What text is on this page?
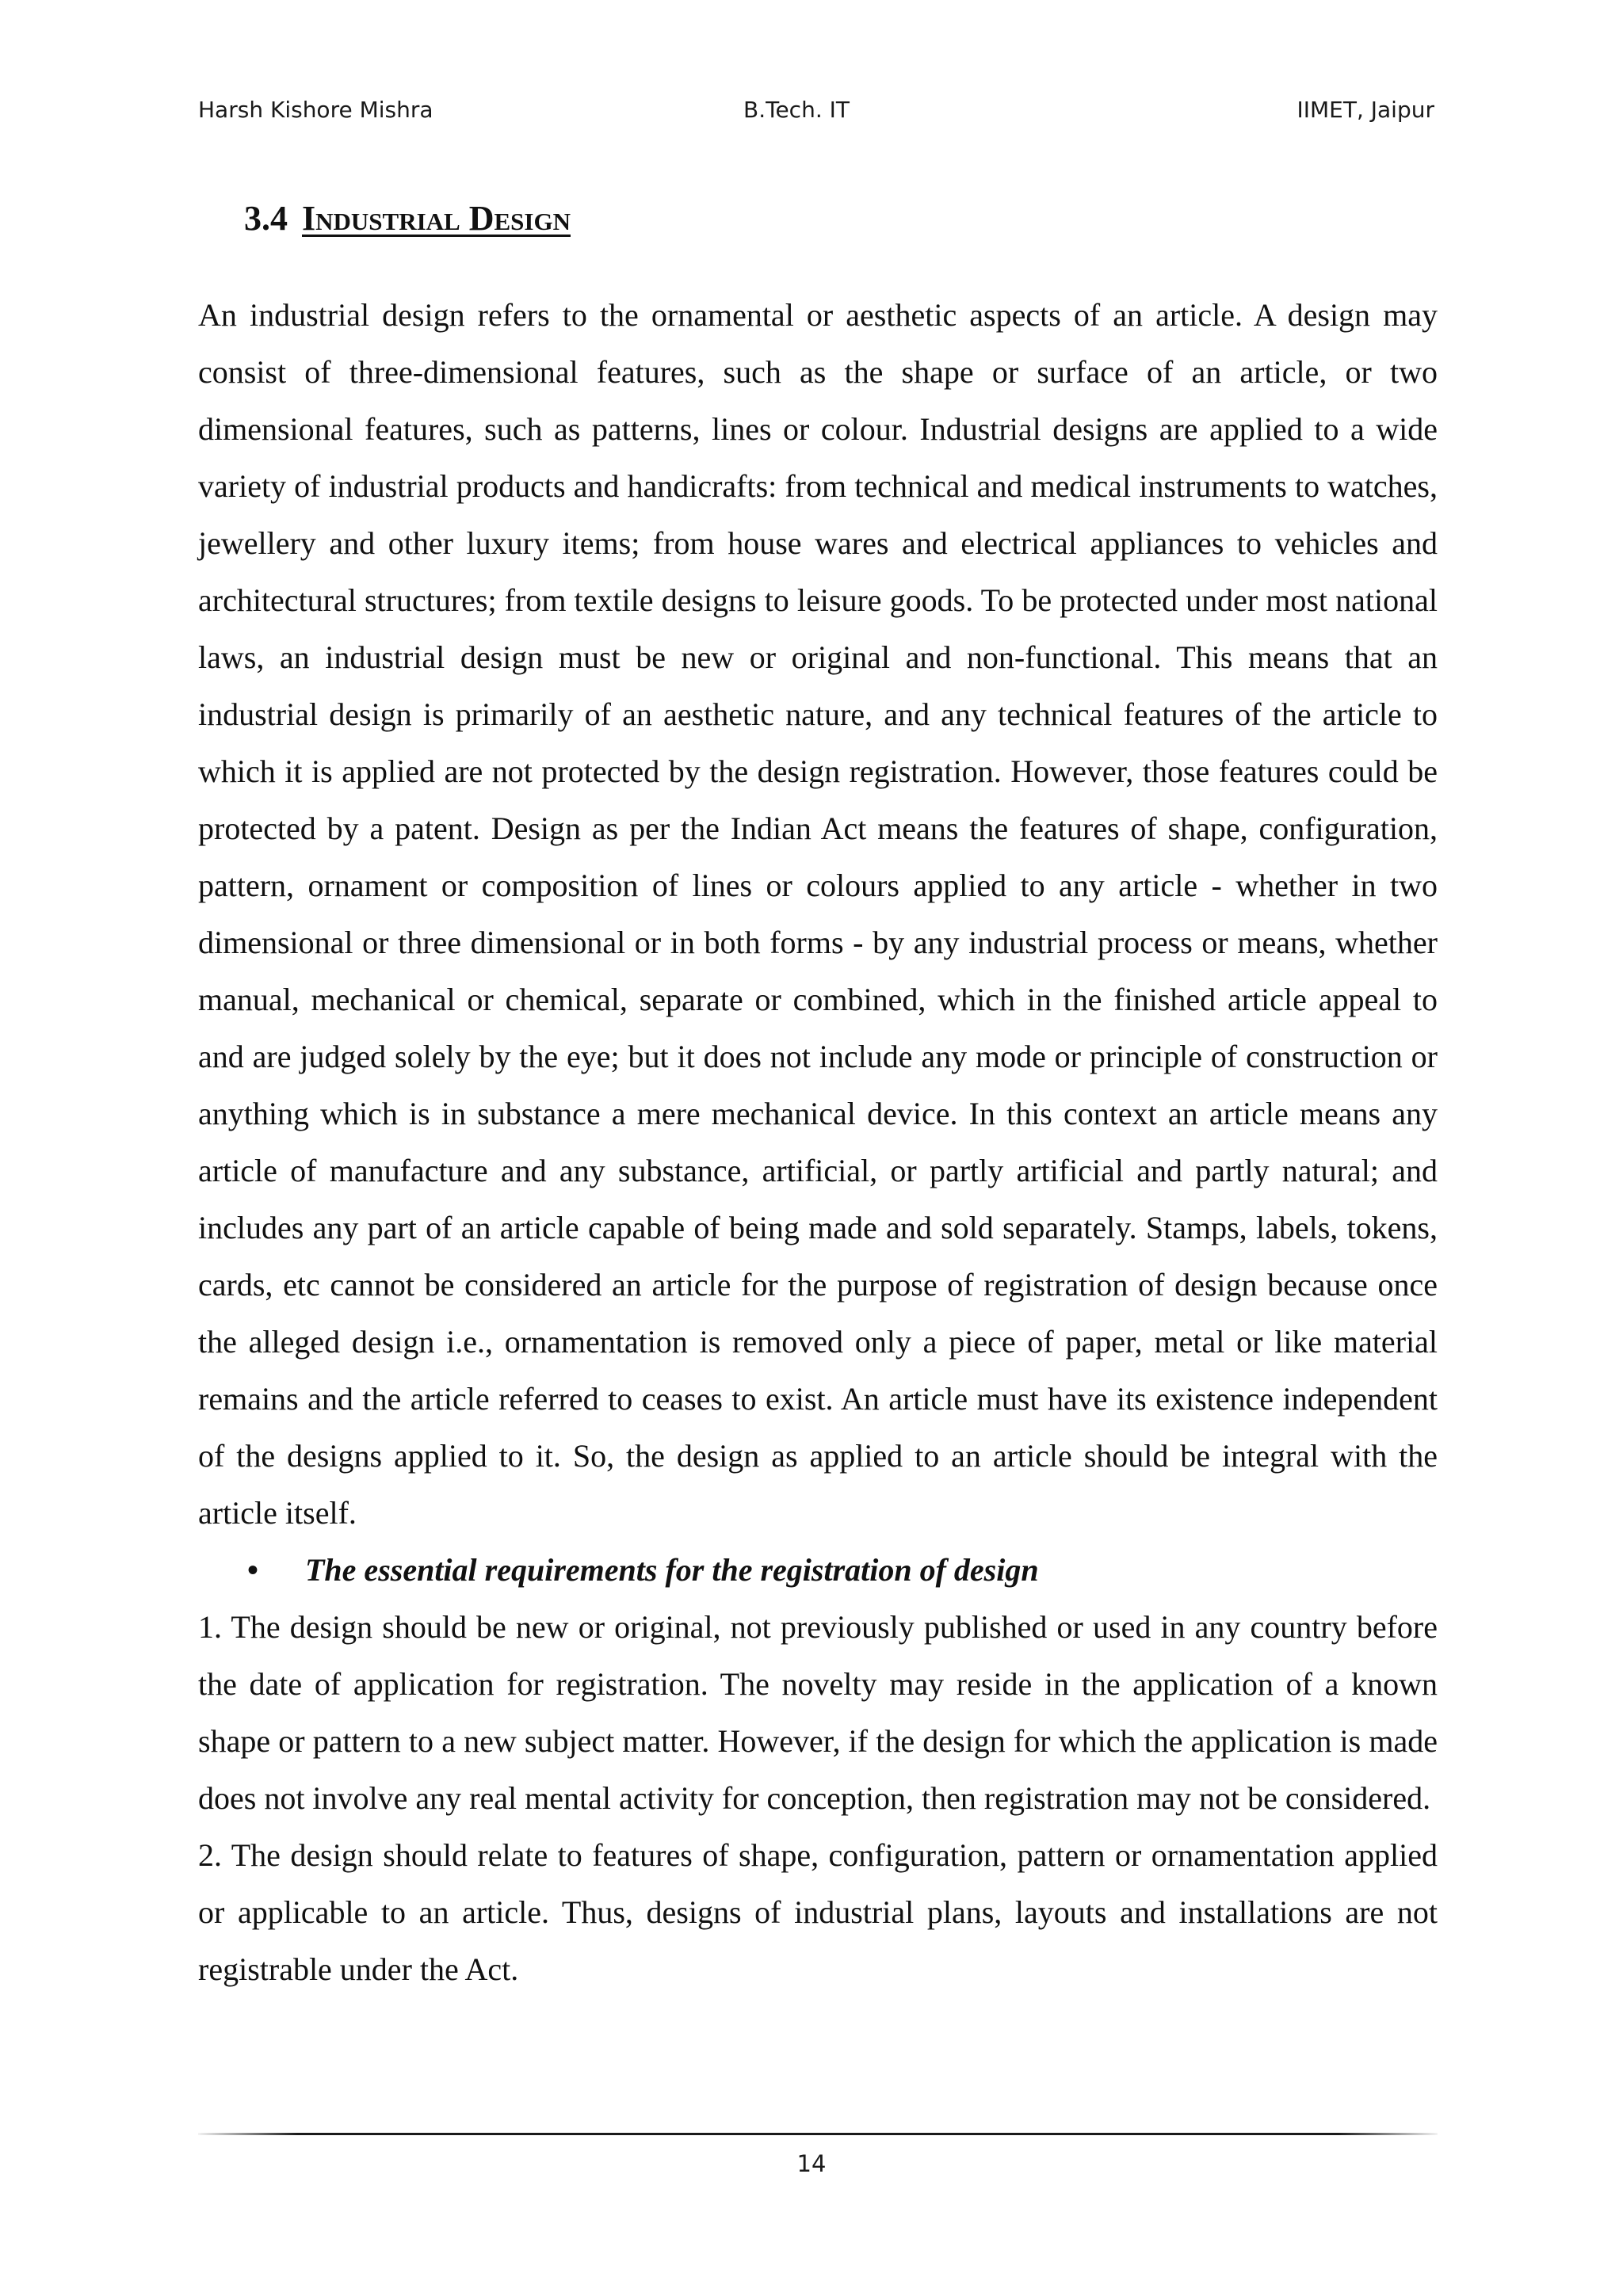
Harsh Kishore Mishra	B.Tech. IT	IIMET, Jaipur
3.4 Industrial Design

An industrial design refers to the ornamental or aesthetic aspects of an article. A design may consist of three-dimensional features, such as the shape or surface of an article, or two dimensional features, such as patterns, lines or colour. Industrial designs are applied to a wide variety of industrial products and handicrafts: from technical and medical instruments to watches, jewellery and other luxury items; from house wares and electrical appliances to vehicles and architectural structures; from textile designs to leisure goods. To be protected under most national laws, an industrial design must be new or original and non-functional. This means that an industrial design is primarily of an aesthetic nature, and any technical features of the article to which it is applied are not protected by the design registration. However, those features could be protected by a patent. Design as per the Indian Act means the features of shape, configuration, pattern, ornament or composition of lines or colours applied to any article - whether in two dimensional or three dimensional or in both forms - by any industrial process or means, whether manual, mechanical or chemical, separate or combined, which in the finished article appeal to and are judged solely by the eye; but it does not include any mode or principle of construction or anything which is in substance a mere mechanical device. In this context an article means any article of manufacture and any substance, artificial, or partly artificial and partly natural; and includes any part of an article capable of being made and sold separately. Stamps, labels, tokens, cards, etc cannot be considered an article for the purpose of registration of design because once the alleged design i.e., ornamentation is removed only a piece of paper, metal or like material remains and the article referred to ceases to exist. An article must have its existence independent of the designs applied to it. So, the design as applied to an article should be integral with the article itself.

• The essential requirements for the registration of design

1. The design should be new or original, not previously published or used in any country before the date of application for registration. The novelty may reside in the application of a known shape or pattern to a new subject matter. However, if the design for which the application is made does not involve any real mental activity for conception, then registration may not be considered.

2. The design should relate to features of shape, configuration, pattern or ornamentation applied or applicable to an article. Thus, designs of industrial plans, layouts and installations are not registrable under the Act.

14
